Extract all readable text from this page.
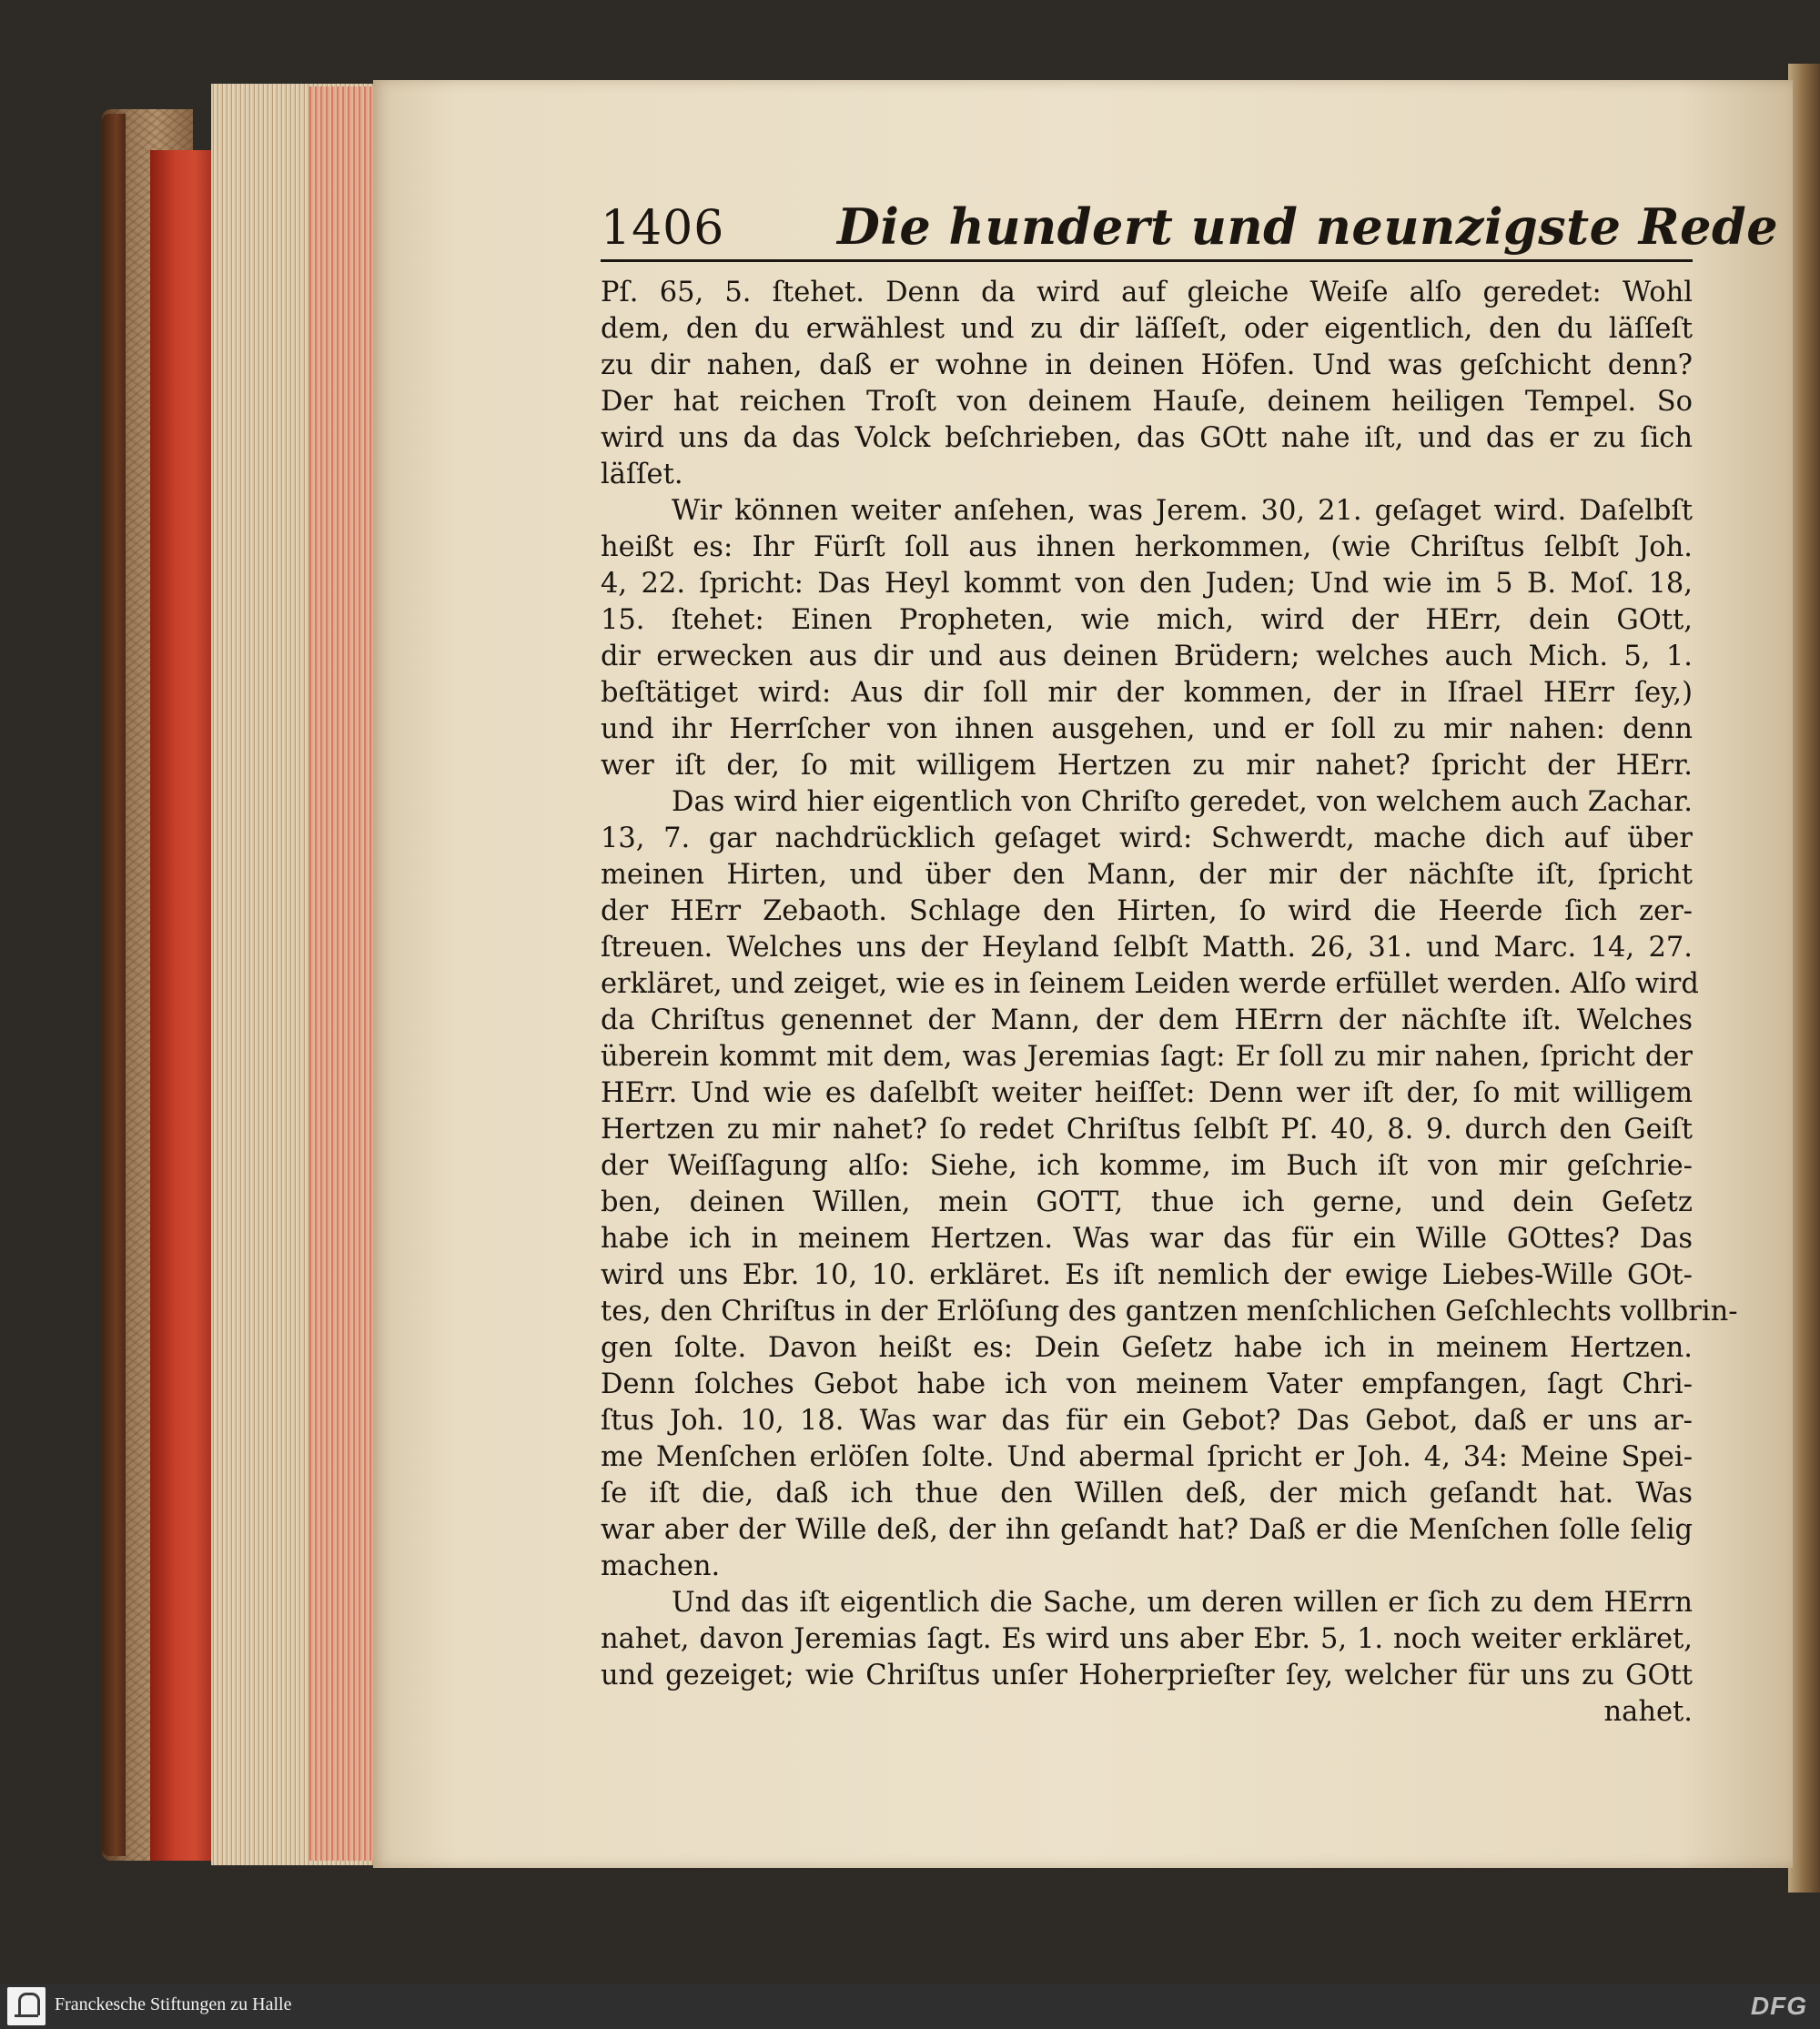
1406 Die hundert und neunzigste Rede
Pſ. 65, 5. ſtehet. Denn da wird auf gleiche Weiſe alſo geredet: Wohl
dem, den du erwählest und zu dir läſſeſt, oder eigentlich, den du läſſeſt
zu dir nahen, daß er wohne in deinen Höfen. Und was geſchicht denn?
Der hat reichen Troſt von deinem Hauſe, deinem heiligen Tempel. So
wird uns da das Volck beſchrieben, das GOtt nahe iſt, und das er zu ſich
läſſet.
Wir können weiter anſehen, was Jerem. 30, 21. geſaget wird. Daſelbſt
heißt es: Ihr Fürſt ſoll aus ihnen herkommen, (wie Chriſtus ſelbſt Joh.
4, 22. ſpricht: Das Heyl kommt von den Juden; Und wie im 5 B. Moſ. 18,
15. ſtehet: Einen Propheten, wie mich, wird der HErr, dein GOtt,
dir erwecken aus dir und aus deinen Brüdern; welches auch Mich. 5, 1.
beſtätiget wird: Aus dir ſoll mir der kommen, der in Iſrael HErr ſey,)
und ihr Herrſcher von ihnen ausgehen, und er ſoll zu mir nahen: denn
wer iſt der, ſo mit willigem Hertzen zu mir nahet? ſpricht der HErr.
Das wird hier eigentlich von Chriſto geredet, von welchem auch Zachar.
13, 7. gar nachdrücklich geſaget wird: Schwerdt, mache dich auf über
meinen Hirten, und über den Mann, der mir der nächſte iſt, ſpricht
der HErr Zebaoth. Schlage den Hirten, ſo wird die Heerde ſich zer-
ſtreuen. Welches uns der Heyland ſelbſt Matth. 26, 31. und Marc. 14, 27.
erkläret, und zeiget, wie es in ſeinem Leiden werde erfüllet werden. Alſo wird
da Chriſtus genennet der Mann, der dem HErrn der nächſte iſt. Welches
überein kommt mit dem, was Jeremias ſagt: Er ſoll zu mir nahen, ſpricht der
HErr. Und wie es daſelbſt weiter heiſſet: Denn wer iſt der, ſo mit willigem
Hertzen zu mir nahet? ſo redet Chriſtus ſelbſt Pſ. 40, 8. 9. durch den Geiſt
der Weiſſagung alſo: Siehe, ich komme, im Buch iſt von mir geſchrie-
ben, deinen Willen, mein GOTT, thue ich gerne, und dein Geſetz
habe ich in meinem Hertzen. Was war das für ein Wille GOttes? Das
wird uns Ebr. 10, 10. erkläret. Es iſt nemlich der ewige Liebes-Wille GOt-
tes, den Chriſtus in der Erlöſung des gantzen menſchlichen Geſchlechts vollbrin-
gen ſolte. Davon heißt es: Dein Geſetz habe ich in meinem Hertzen.
Denn ſolches Gebot habe ich von meinem Vater empfangen, ſagt Chri-
ſtus Joh. 10, 18. Was war das für ein Gebot? Das Gebot, daß er uns ar-
me Menſchen erlöſen ſolte. Und abermal ſpricht er Joh. 4, 34: Meine Spei-
ſe iſt die, daß ich thue den Willen deß, der mich geſandt hat. Was
war aber der Wille deß, der ihn geſandt hat? Daß er die Menſchen ſolle ſelig
machen.
Und das iſt eigentlich die Sache, um deren willen er ſich zu dem HErrn
nahet, davon Jeremias ſagt. Es wird uns aber Ebr. 5, 1. noch weiter erkläret,
und gezeiget; wie Chriſtus unſer Hoherprieſter ſey, welcher für uns zu GOtt
nahet.
Franckesche Stiftungen zu Halle	DFG
